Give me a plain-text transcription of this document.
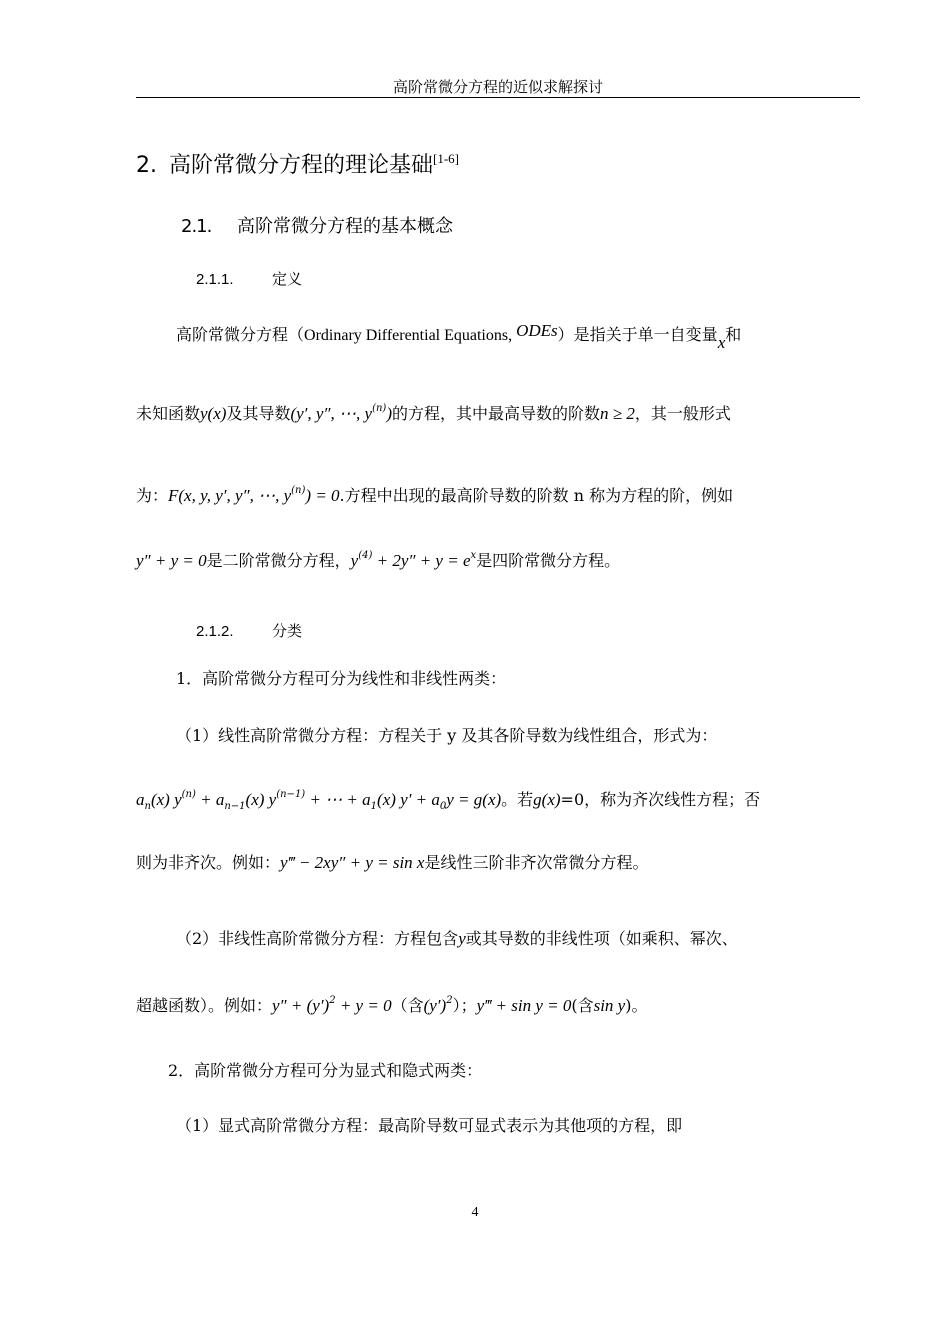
高阶常微分方程的近似求解探讨
2. 高阶常微分方程的理论基础[1-6]
2.1. 高阶常微分方程的基本概念
2.1.1.	定义
高阶常微分方程（Ordinary Differential Equations, ODEs）是指关于单一自变量x和
未知函数y(x)及其导数(y′, y″, ⋯, $y^{(n)}$)的方程，其中最高导数的阶数n ≥ 2，其一般形式
为：F(x, y, y′, y″, ⋯, $y^{(n)}) = 0$.方程中出现的最高阶导数的阶数 n 称为方程的阶，例如
y″ + y = 0是二阶常微分方程，$y^{(4)} + 2y'' + y = e^x$是四阶常微分方程。
2.1.2.	分类
1．高阶常微分方程可分为线性和非线性两类：
（1）线性高阶常微分方程：方程关于 y 及其各阶导数为线性组合，形式为：
$a_n(x) y^{(n)} + a_{n-1}(x) y^{(n-1)}$ + ⋯ + $a_1(x) y' + a_0y = g(x)$。若g(x)=0，称为齐次线性方程；否
则为非齐次。例如：y‴ − 2xy″ + y = sin x是线性三阶非齐次常微分方程。
（2）非线性高阶常微分方程：方程包含y或其导数的非线性项（如乘积、幂次、
超越函数）。例如：$y'' + (y')^2 + y = 0$（含$(y')^2$）；y‴ + sin y = 0(含sin y)。
2．高阶常微分方程可分为显式和隐式两类：
（1）显式高阶常微分方程：最高阶导数可显式表示为其他项的方程，即
4
